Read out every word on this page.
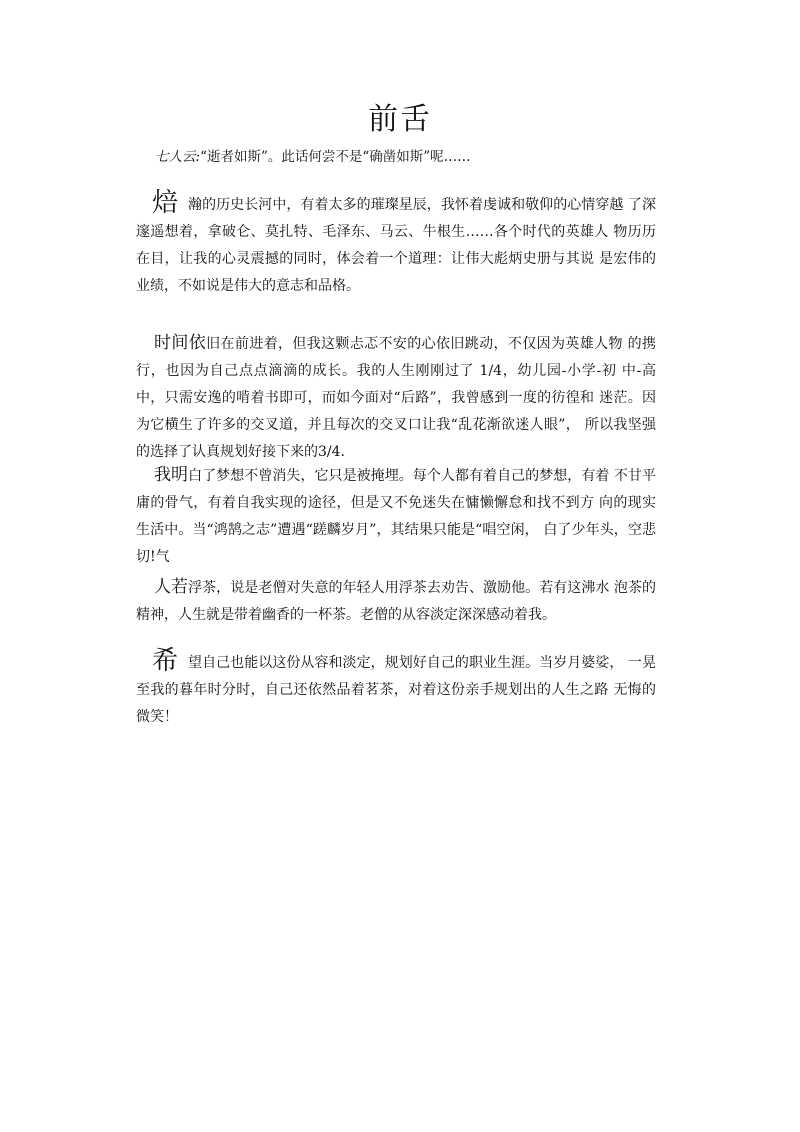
前舌
七人云:“逝者如斯”。此话何尝不是“确凿如斯”呢……

焙瀚的历史长河中，有着太多的璀璨星辰，我怀着虔诚和敬仰的心情穿越 了深邃遥想着，拿破仑、莫扎特、毛泽东、马云、牛根生……各个时代的英雄人 物历历在目，让我的心灵震撼的同时，体会着一个道理：让伟大彪炳史册与其说 是宏伟的业绩，不如说是伟大的意志和品格。

时间依旧在前进着，但我这颗忐忑不安的心依旧跳动，不仅因为英雄人物 的携行，也因为自己点点滴滴的成长。我的人生刚刚过了 1/4，幼儿园-小学-初 中-高中，只需安逸的啃着书即可，而如今面对“后路”，我曾感到一度的彷徨和 迷茫。因为它横生了许多的交叉道，并且每次的交叉口让我“乱花渐欲迷人眼”， 所以我坚强的选择了认真规划好接下来的3/4.

我明白了梦想不曾消失，它只是被掩埋。每个人都有着自己的梦想，有着 不甘平庸的骨气，有着自我实现的途径，但是又不免迷失在慵懒懈怠和找不到方 向的现实生活中。当“鸿鹄之志”遭遇“蹉麟岁月”，其结果只能是“唱空闲， 白了少年头，空悲切!气

人若浮茶，说是老僧对失意的年轻人用浮茶去劝告、激励他。若有这沸水 泡茶的精神，人生就是带着幽香的一杯茶。老僧的从容淡定深深感动着我。

希望自己也能以这份从容和淡定，规划好自己的职业生涯。当岁月婆娑， 一晃至我的暮年时分时，自己还依然品着茗茶，对着这份亲手规划出的人生之路 无悔的微笑！
